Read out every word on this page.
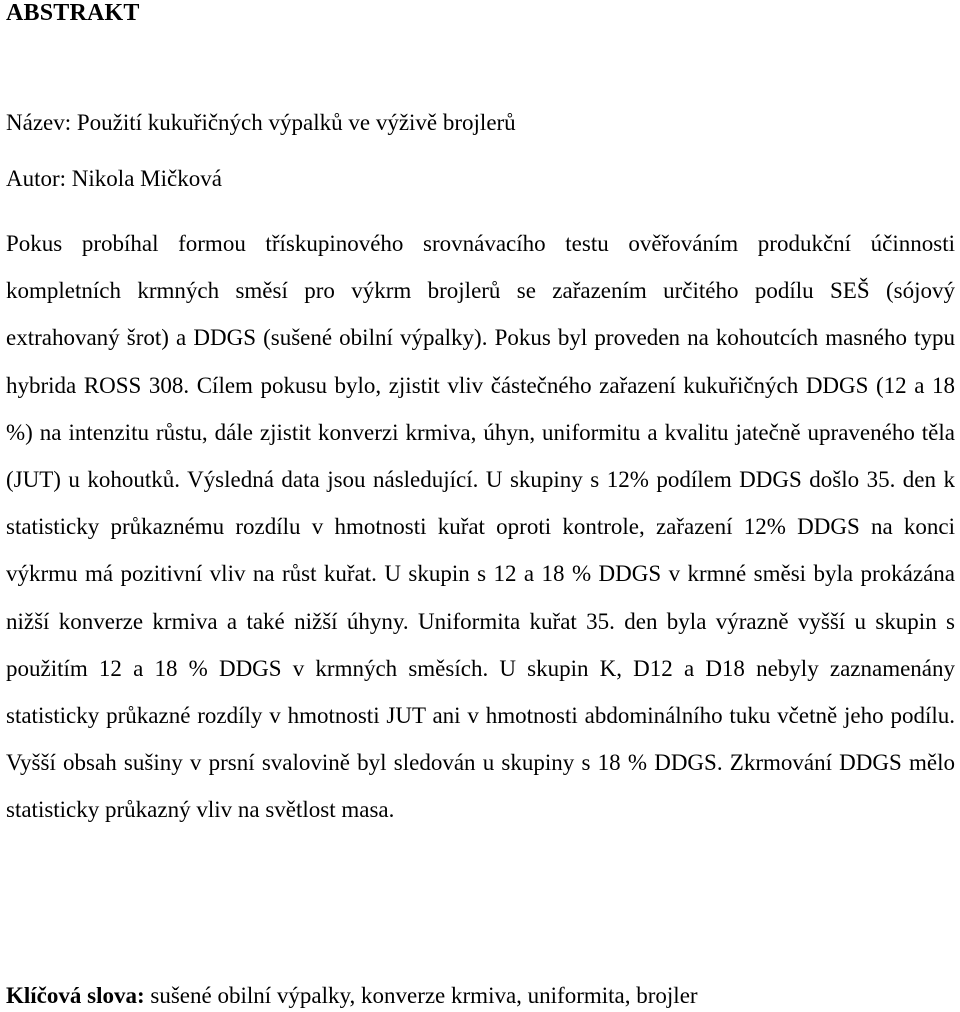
ABSTRAKT
Název: Použití kukuřičných výpalků ve výživě brojlerů
Autor: Nikola Mičková
Pokus probíhal formou třískupinového srovnávacího testu ověřováním produkční účinnosti kompletních krmných směsí pro výkrm brojlerů se zařazením určitého podílu SEŠ (sójový extrahovaný šrot) a DDGS (sušené obilní výpalky). Pokus byl proveden na kohoutcích masného typu hybrida ROSS 308. Cílem pokusu bylo, zjistit vliv částečného zařazení kukuřičných DDGS (12 a 18 %) na intenzitu růstu, dále zjistit konverzi krmiva, úhyn, uniformitu a kvalitu jatečně upraveného těla (JUT) u kohoutků. Výsledná data jsou následující. U skupiny s 12% podílem DDGS došlo 35. den k statisticky průkaznému rozdílu v hmotnosti kuřat oproti kontrole, zařazení 12% DDGS na konci výkrmu má pozitivní vliv na růst kuřat. U skupin s 12 a 18 % DDGS v krmné směsi byla prokázána nižší konverze krmiva a také nižší úhyny. Uniformita kuřat 35. den byla výrazně vyšší u skupin s použitím 12 a 18 % DDGS v krmných směsích. U skupin K, D12 a D18 nebyly zaznamenány statisticky průkazné rozdíly v hmotnosti JUT ani v hmotnosti abdominálního tuku včetně jeho podílu. Vyšší obsah sušiny v prsní svalovině byl sledován u skupiny s 18 % DDGS. Zkrmování DDGS mělo statisticky průkazný vliv na světlost masa.
Klíčová slova: sušené obilní výpalky, konverze krmiva, uniformita, brojler
